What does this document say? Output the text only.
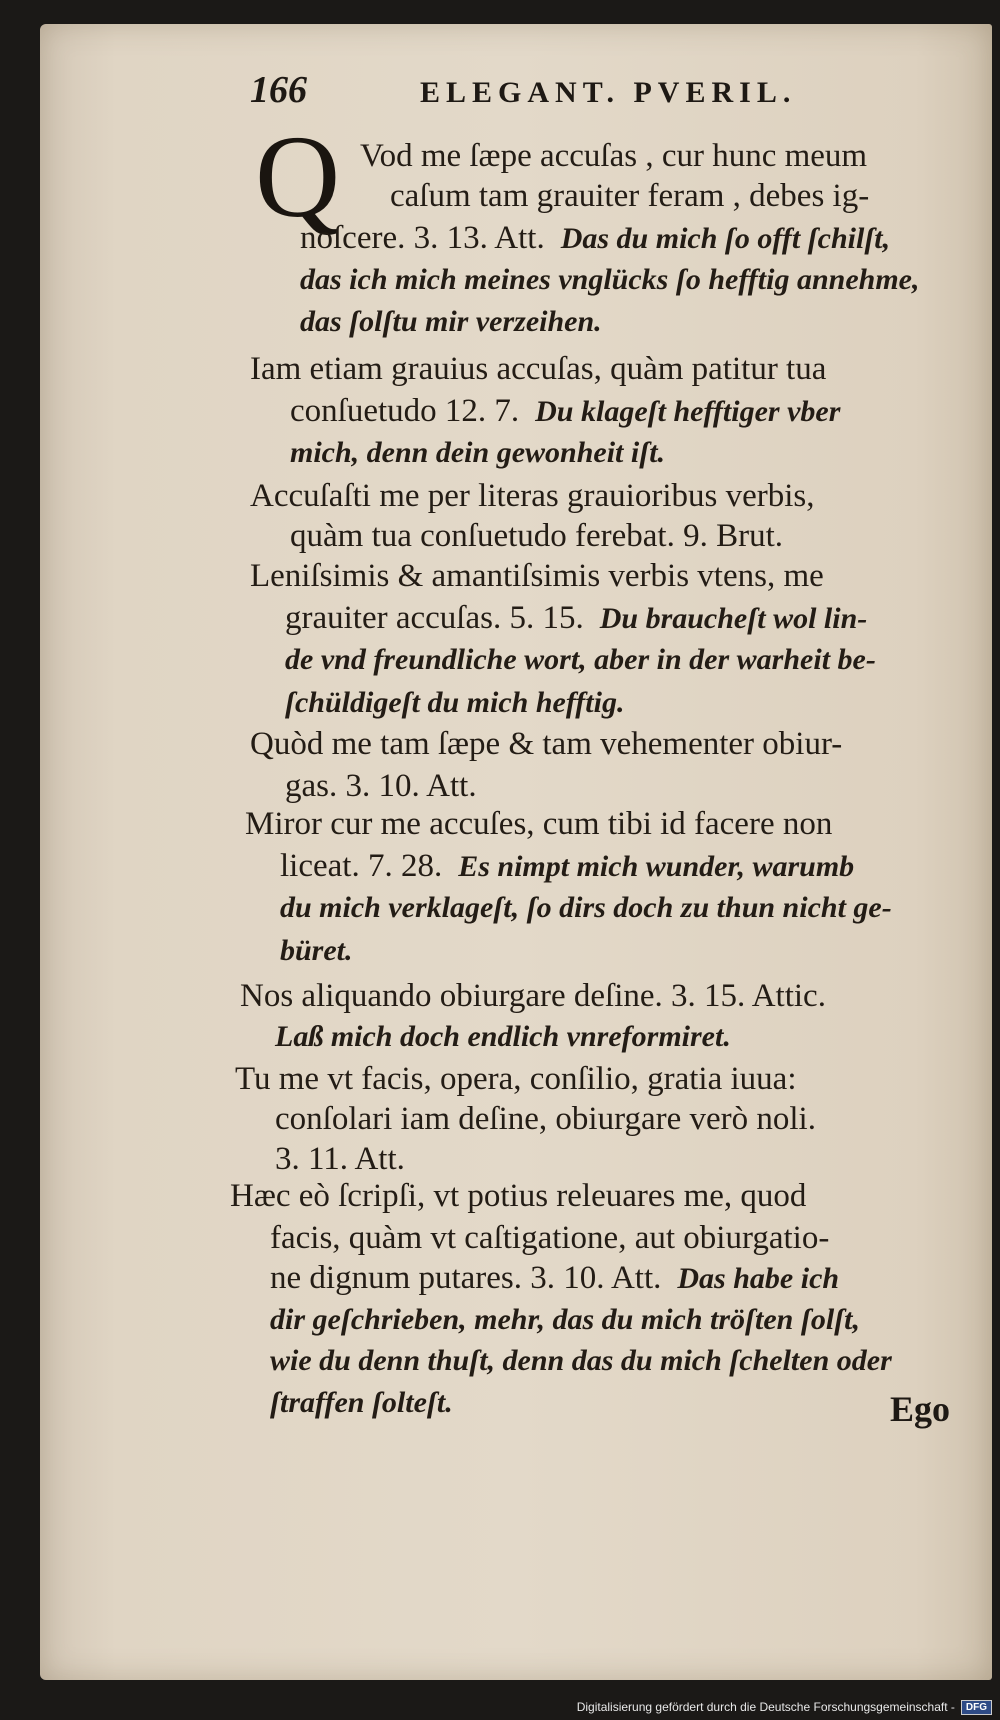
166	ELEGANT. PVERIL.
Q Vod me ſæpe accuſas , cur hunc meum
caſum tam grauiter feram , debes ig-
noſcere. 3. 13. Att. Das du mich ſo offt ſchilſt,
das ich mich meines vnglücks ſo hefftig annehme,
das ſolſtu mir verzeihen.
Iam etiam grauius accuſas, quàm patitur tua
conſuetudo 12. 7. Du klageſt hefftiger vber
mich, denn dein gewonheit iſt.
Accuſaſti me per literas grauioribus verbis,
quàm tua conſuetudo ferebat. 9. Brut.
Leniſsimis & amantiſsimis verbis vtens, me
grauiter accuſas. 5. 15. Du braucheſt wol lin-
de vnd freundliche wort, aber in der warheit be-
ſchüldigeſt du mich hefftig.
Quòd me tam ſæpe & tam vehementer obiur-
gas. 3. 10. Att.
Miror cur me accuſes, cum tibi id facere non
liceat. 7. 28. Es nimpt mich wunder, warumb
du mich verklageſt, ſo dirs doch zu thun nicht ge-
büret.
Nos aliquando obiurgare deſine. 3. 15. Attic.
Laß mich doch endlich vnreformiret.
Tu me vt facis, opera, conſilio, gratia iuua:
conſolari iam deſine, obiurgare verò noli.
3. 11. Att.
Hæc eò ſcripſi, vt potius releuares me, quod
facis, quàm vt caſtigatione, aut obiurgatio-
ne dignum putares. 3. 10. Att. Das habe ich
dir geſchrieben, mehr, das du mich tröſten ſolſt,
wie du denn thuſt, denn das du mich ſchelten oder
ſtraffen ſolteſt.	Ego
Digitalisierung gefördert durch die Deutsche Forschungsgemeinschaft -	DFG
